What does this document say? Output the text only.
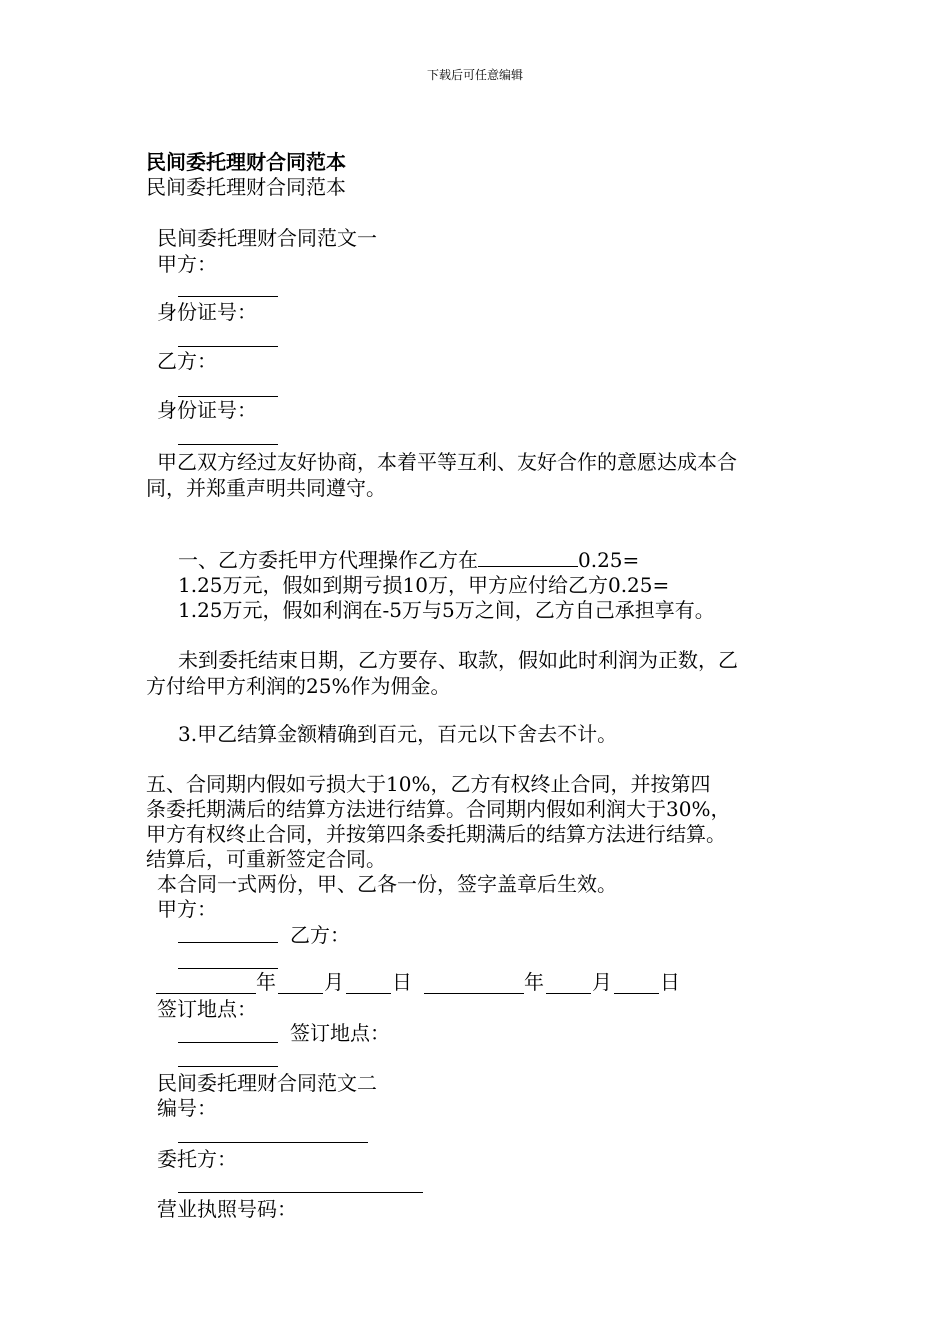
下载后可任意编辑
民间委托理财合同范本
民间委托理财合同范本
民间委托理财合同范文一
甲方：
身份证号：
乙方：
身份证号：
甲乙双方经过友好协商，本着平等互利、友好合作的意愿达成本合
同，并郑重声明共同遵守。
一、乙方委托甲方代理操作乙方在	0.25=
1.25万元，假如到期亏损10万，甲方应付给乙方0.25=
1.25万元，假如利润在-5万与5万之间，乙方自己承担享有。
未到委托结束日期，乙方要存、取款，假如此时利润为正数，乙
方付给甲方利润的25%作为佣金。
3.甲乙结算金额精确到百元，百元以下舍去不计。
五、合同期内假如亏损大于10%，乙方有权终止合同，并按第四
条委托期满后的结算方法进行结算。合同期内假如利润大于30%，
甲方有权终止合同，并按第四条委托期满后的结算方法进行结算。
结算后，可重新签定合同。
本合同一式两份，甲、乙各一份，签字盖章后生效。
甲方：
乙方：
年 月 日	年 月 日
签订地点：
签订地点：
民间委托理财合同范文二
编号：
委托方：
营业执照号码：
